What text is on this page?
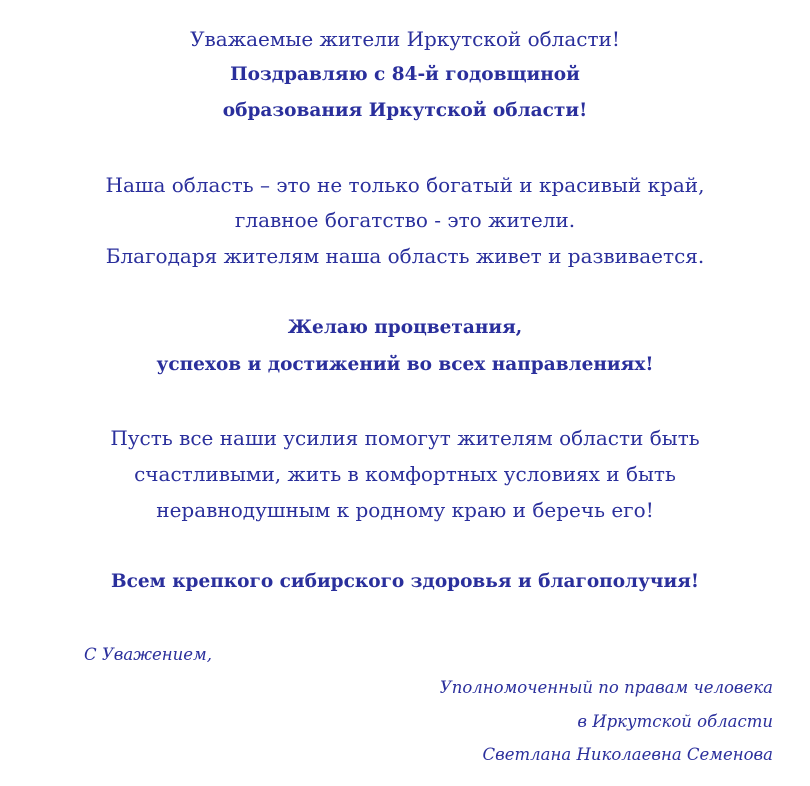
Уважаемые жители Иркутской области!
Поздравляю с 84-й годовщиной
образования Иркутской области!
Наша область – это не только богатый и красивый край,
главное богатство - это жители.
Благодаря жителям наша область живет и развивается.
Желаю процветания,
успехов и достижений во всех направлениях!
Пусть все наши усилия помогут жителям области быть
счастливыми, жить в комфортных условиях и быть
неравнодушным к родному краю и беречь его!
Всем крепкого сибирского здоровья и благополучия!
С Уважением,
Уполномоченный по правам человека
в Иркутской области
Светлана Николаевна Семенова
